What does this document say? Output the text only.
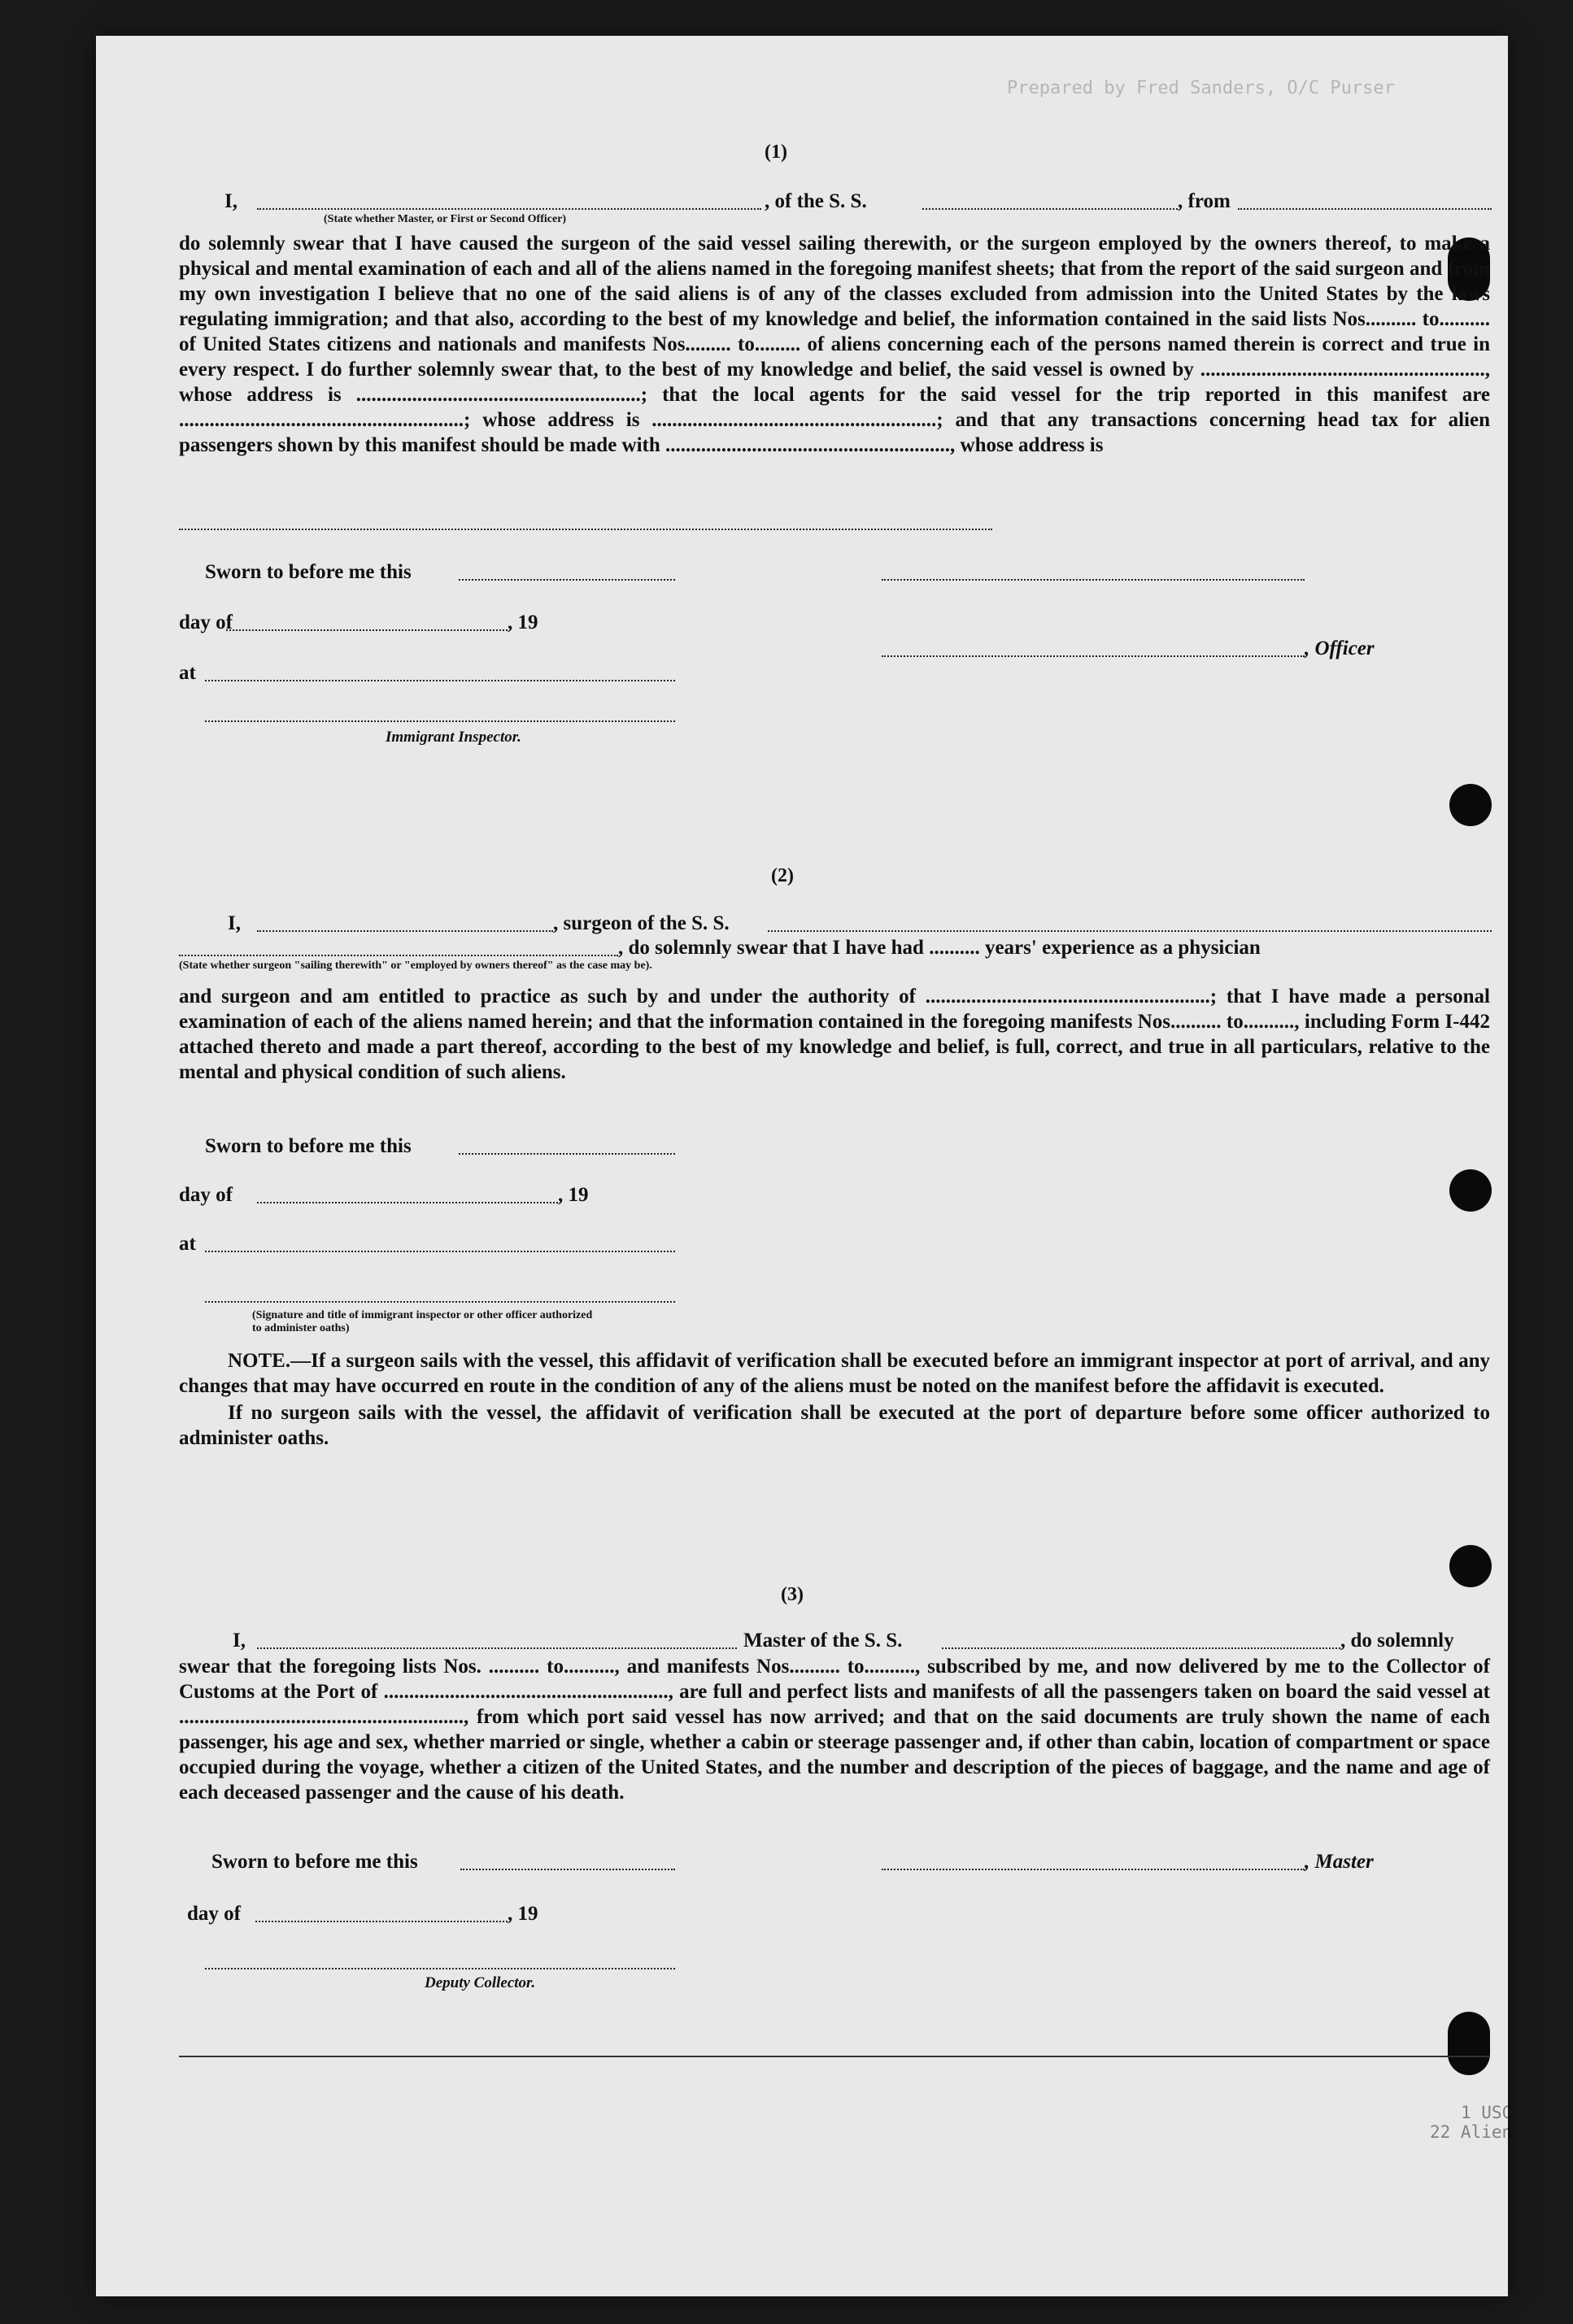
Prepared by Fred Sanders, O/C Purser
(1)
I,	, of the S. S.	, from
(State whether Master, or First or Second Officer)

do solemnly swear that I have caused the surgeon of the said vessel sailing therewith, or the surgeon employed by the owners thereof, to make a physical and mental examination of each and all of the aliens named in the foregoing manifest sheets; that from the report of the said surgeon and from my own investigation I believe that no one of the said aliens is of any of the classes excluded from admission into the United States by the laws regulating immigration; and that also, according to the best of my knowledge and belief, the information contained in the said lists Nos.......... to.......... of United States citizens and nationals and manifests Nos......... to......... of aliens concerning each of the persons named therein is correct and true in every respect. I do further solemnly swear that, to the best of my knowledge and belief, the said vessel is owned by ........................................................, whose address is ........................................................; that the local agents for the said vessel for the trip reported in this manifest are ........................................................; whose address is ........................................................; and that any transactions concerning head tax for alien passengers shown by this manifest should be made with ........................................................, whose address is

Sworn to before me this
day of	, 19
, Officer
at
Immigrant Inspector.
(2)
I,	, surgeon of the S. S.
, do solemnly swear that I have had .......... years' experience as a physician
(State whether surgeon "sailing therewith" or "employed by owners thereof" as the case may be).

and surgeon and am entitled to practice as such by and under the authority of ........................................................; that I have made a personal examination of each of the aliens named herein; and that the information contained in the foregoing manifests Nos.......... to.........., including Form I-442 attached thereto and made a part thereof, according to the best of my knowledge and belief, is full, correct, and true in all particulars, relative to the mental and physical condition of such aliens.

Sworn to before me this
day of	, 19
at
(Signature and title of immigrant inspector or other officer authorized to administer oaths)

NOTE.—If a surgeon sails with the vessel, this affidavit of verification shall be executed before an immigrant inspector at port of arrival, and any changes that may have occurred en route in the condition of any of the aliens must be noted on the manifest before the affidavit is executed.

If no surgeon sails with the vessel, the affidavit of verification shall be executed at the port of departure before some officer authorized to administer oaths.

(3)
I,	Master of the S. S.	, do solemnly

swear that the foregoing lists Nos. .......... to.........., and manifests Nos.......... to.........., subscribed by me, and now delivered by me to the Collector of Customs at the Port of ........................................................, are full and perfect lists and manifests of all the passengers taken on board the said vessel at ........................................................, from which port said vessel has now arrived; and that on the said documents are truly shown the name of each passenger, his age and sex, whether married or single, whether a cabin or steerage passenger and, if other than cabin, location of compartment or space occupied during the voyage, whether a citizen of the United States, and the number and description of the pieces of baggage, and the name and age of each deceased passenger and the cause of his death.

Sworn to before me this	, Master
day of	, 19
Deputy Collector.
1 USC
22 Alien
